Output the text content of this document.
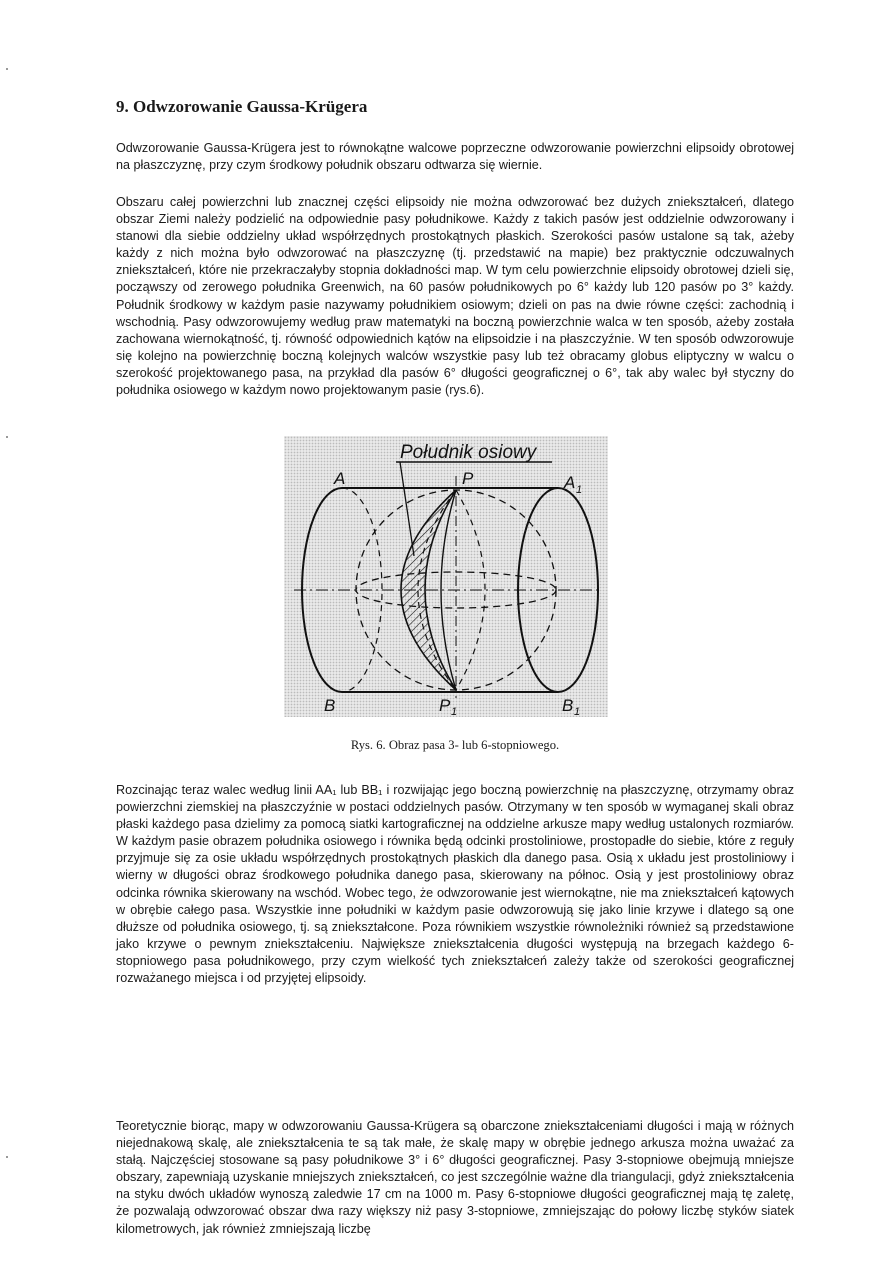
9. Odwzorowanie Gaussa-Krügera

Odwzorowanie Gaussa-Krügera jest to równokątne walcowe poprzeczne odwzorowanie powierzchni elipsoidy obrotowej na płaszczyznę, przy czym środkowy południk obszaru odtwarza się wiernie.

Obszaru całej powierzchni lub znacznej części elipsoidy nie można odwzorować bez dużych zniekształceń, dlatego obszar Ziemi należy podzielić na odpowiednie pasy południkowe. Każdy z takich pasów jest oddzielnie odwzorowany i stanowi dla siebie oddzielny układ współrzędnych prostokątnych płaskich. Szerokości pasów ustalone są tak, ażeby każdy z nich można było odwzorować na płaszczyznę (tj. przedstawić na mapie) bez praktycznie odczuwalnych zniekształceń, które nie przekraczałyby stopnia dokładności map. W tym celu powierzchnie elipsoidy obrotowej dzieli się, począwszy od zerowego południka Greenwich, na 60 pasów południkowych po 6° każdy lub 120 pasów po 3° każdy. Południk środkowy w każdym pasie nazywamy południkiem osiowym; dzieli on pas na dwie równe części: zachodnią i wschodnią. Pasy odwzorowujemy według praw matematyki na boczną powierzchnie walca w ten sposób, ażeby została zachowana wiernokątność, tj. równość odpowiednich kątów na elipsoidzie i na płaszczyźnie. W ten sposób odwzorowuje się kolejno na powierzchnię boczną kolejnych walców wszystkie pasy lub też obracamy globus eliptyczny w walcu o szerokość projektowanego pasa, na przykład dla pasów 6° długości geograficznej o 6°, tak aby walec był styczny do południka osiowego w każdym nowo projektowanym pasie (rys.6).

Południk osiowy
A	P	A 1
B	P 1	B 1

Rys. 6. Obraz pasa 3- lub 6-stopniowego.

Rozcinając teraz walec według linii AA₁ lub BB₁ i rozwijając jego boczną powierzchnię na płaszczyznę, otrzymamy obraz powierzchni ziemskiej na płaszczyźnie w postaci oddzielnych pasów. Otrzymany w ten sposób w wymaganej skali obraz płaski każdego pasa dzielimy za pomocą siatki kartograficznej na oddzielne arkusze mapy według ustalonych rozmiarów. W każdym pasie obrazem południka osiowego i równika będą odcinki prostoliniowe, prostopadłe do siebie, które z reguły przyjmuje się za osie układu współrzędnych prostokątnych płaskich dla danego pasa. Osią x układu jest prostoliniowy i wierny w długości obraz środkowego południka danego pasa, skierowany na północ. Osią y jest prostoliniowy obraz odcinka równika skierowany na wschód. Wobec tego, że odwzorowanie jest wiernokątne, nie ma zniekształceń kątowych w obrębie całego pasa. Wszystkie inne południki w każdym pasie odwzorowują się jako linie krzywe i dlatego są one dłuższe od południka osiowego, tj. są zniekształcone. Poza równikiem wszystkie równoleżniki również są przedstawione jako krzywe o pewnym zniekształceniu. Największe zniekształcenia długości występują na brzegach każdego 6-stopniowego pasa południkowego, przy czym wielkość tych zniekształceń zależy także od szerokości geograficznej rozważanego miejsca i od przyjętej elipsoidy.

Teoretycznie biorąc, mapy w odwzorowaniu Gaussa-Krügera są obarczone zniekształceniami długości i mają w różnych niejednakową skalę, ale zniekształcenia te są tak małe, że skalę mapy w obrębie jednego arkusza można uważać za stałą. Najczęściej stosowane są pasy południkowe 3° i 6° długości geograficznej. Pasy 3-stopniowe obejmują mniejsze obszary, zapewniają uzyskanie mniejszych zniekształceń, co jest szczególnie ważne dla triangulacji, gdyż zniekształcenia na styku dwóch układów wynoszą zaledwie 17 cm na 1000 m. Pasy 6-stopniowe długości geograficznej mają tę zaletę, że pozwalają odwzorować obszar dwa razy większy niż pasy 3-stopniowe, zmniejszając do połowy liczbę styków siatek kilometrowych, jak również zmniejszają liczbę
